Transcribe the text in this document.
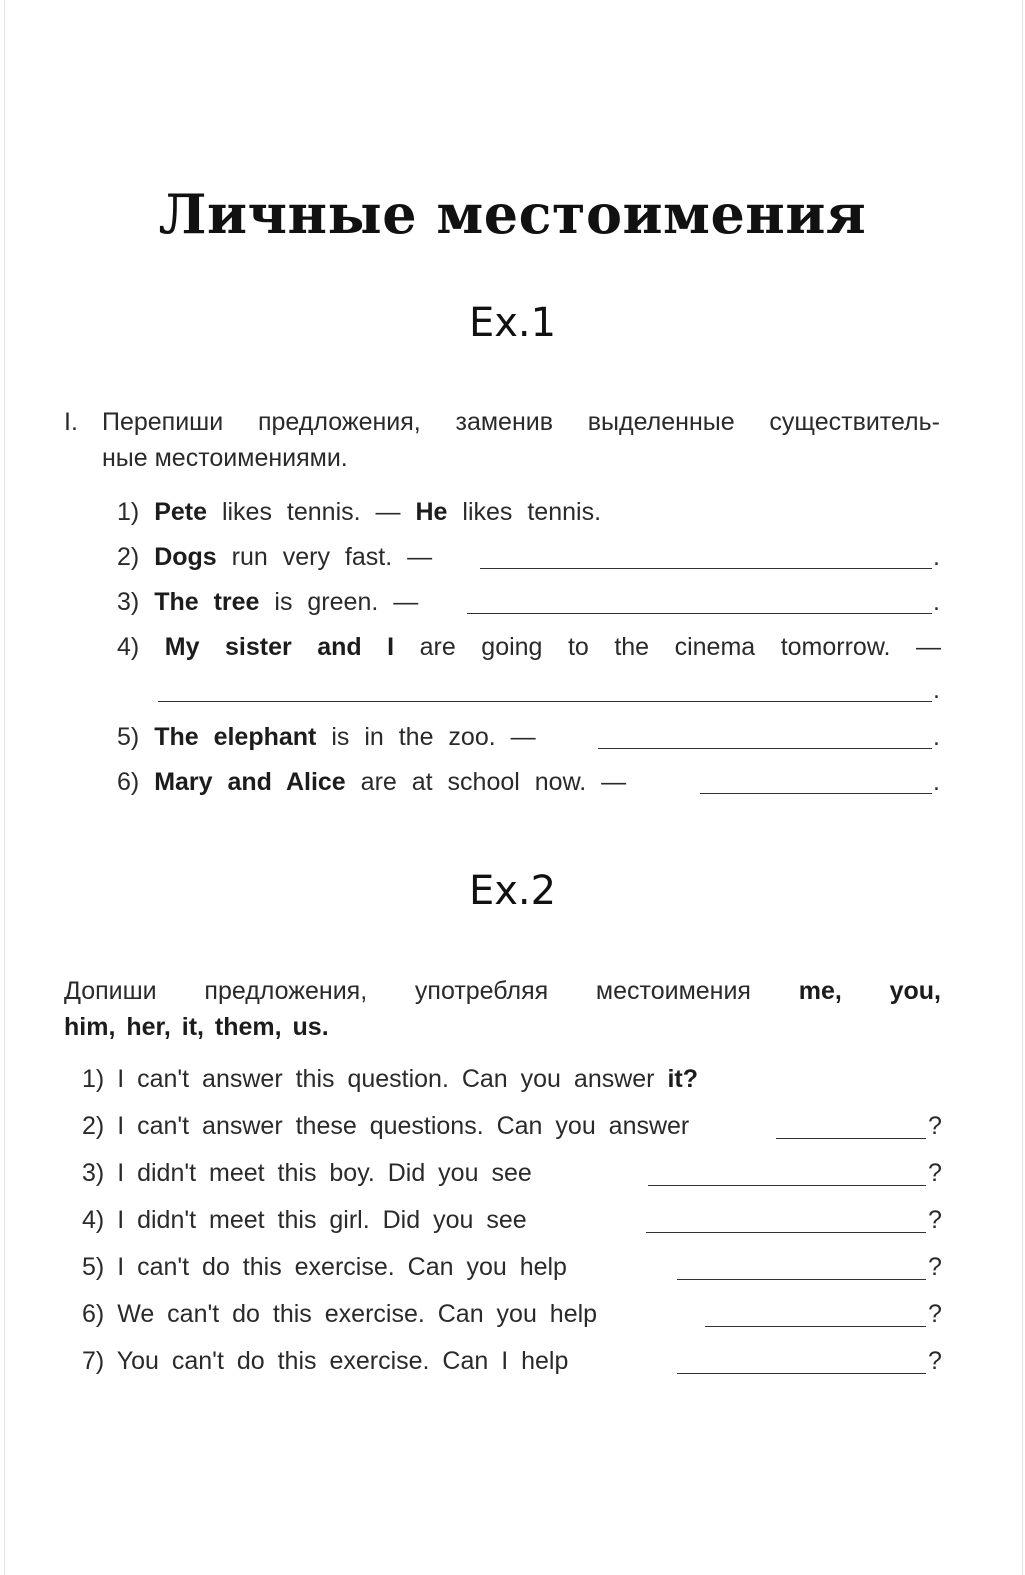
Личные местоимения
Ex.1
I. Перепиши предложения, заменив выделенные существитель-
ные местоимениями.
1) Pete likes tennis. — He likes tennis.
2) Dogs run very fast. —	.
3) The tree is green. —	.
4) My sister and I are going to the cinema tomorrow. —
.
5) The elephant is in the zoo. —	.
6) Mary and Alice are at school now. —	.
Ex.2
Допиши предложения, употребляя местоимения me, you,
him, her, it, them, us.
1) I can't answer this question. Can you answer it?
2) I can't answer these questions. Can you answer	?
3) I didn't meet this boy. Did you see	?
4) I didn't meet this girl. Did you see	?
5) I can't do this exercise. Can you help	?
6) We can't do this exercise. Can you help	?
7) You can't do this exercise. Can I help	?
